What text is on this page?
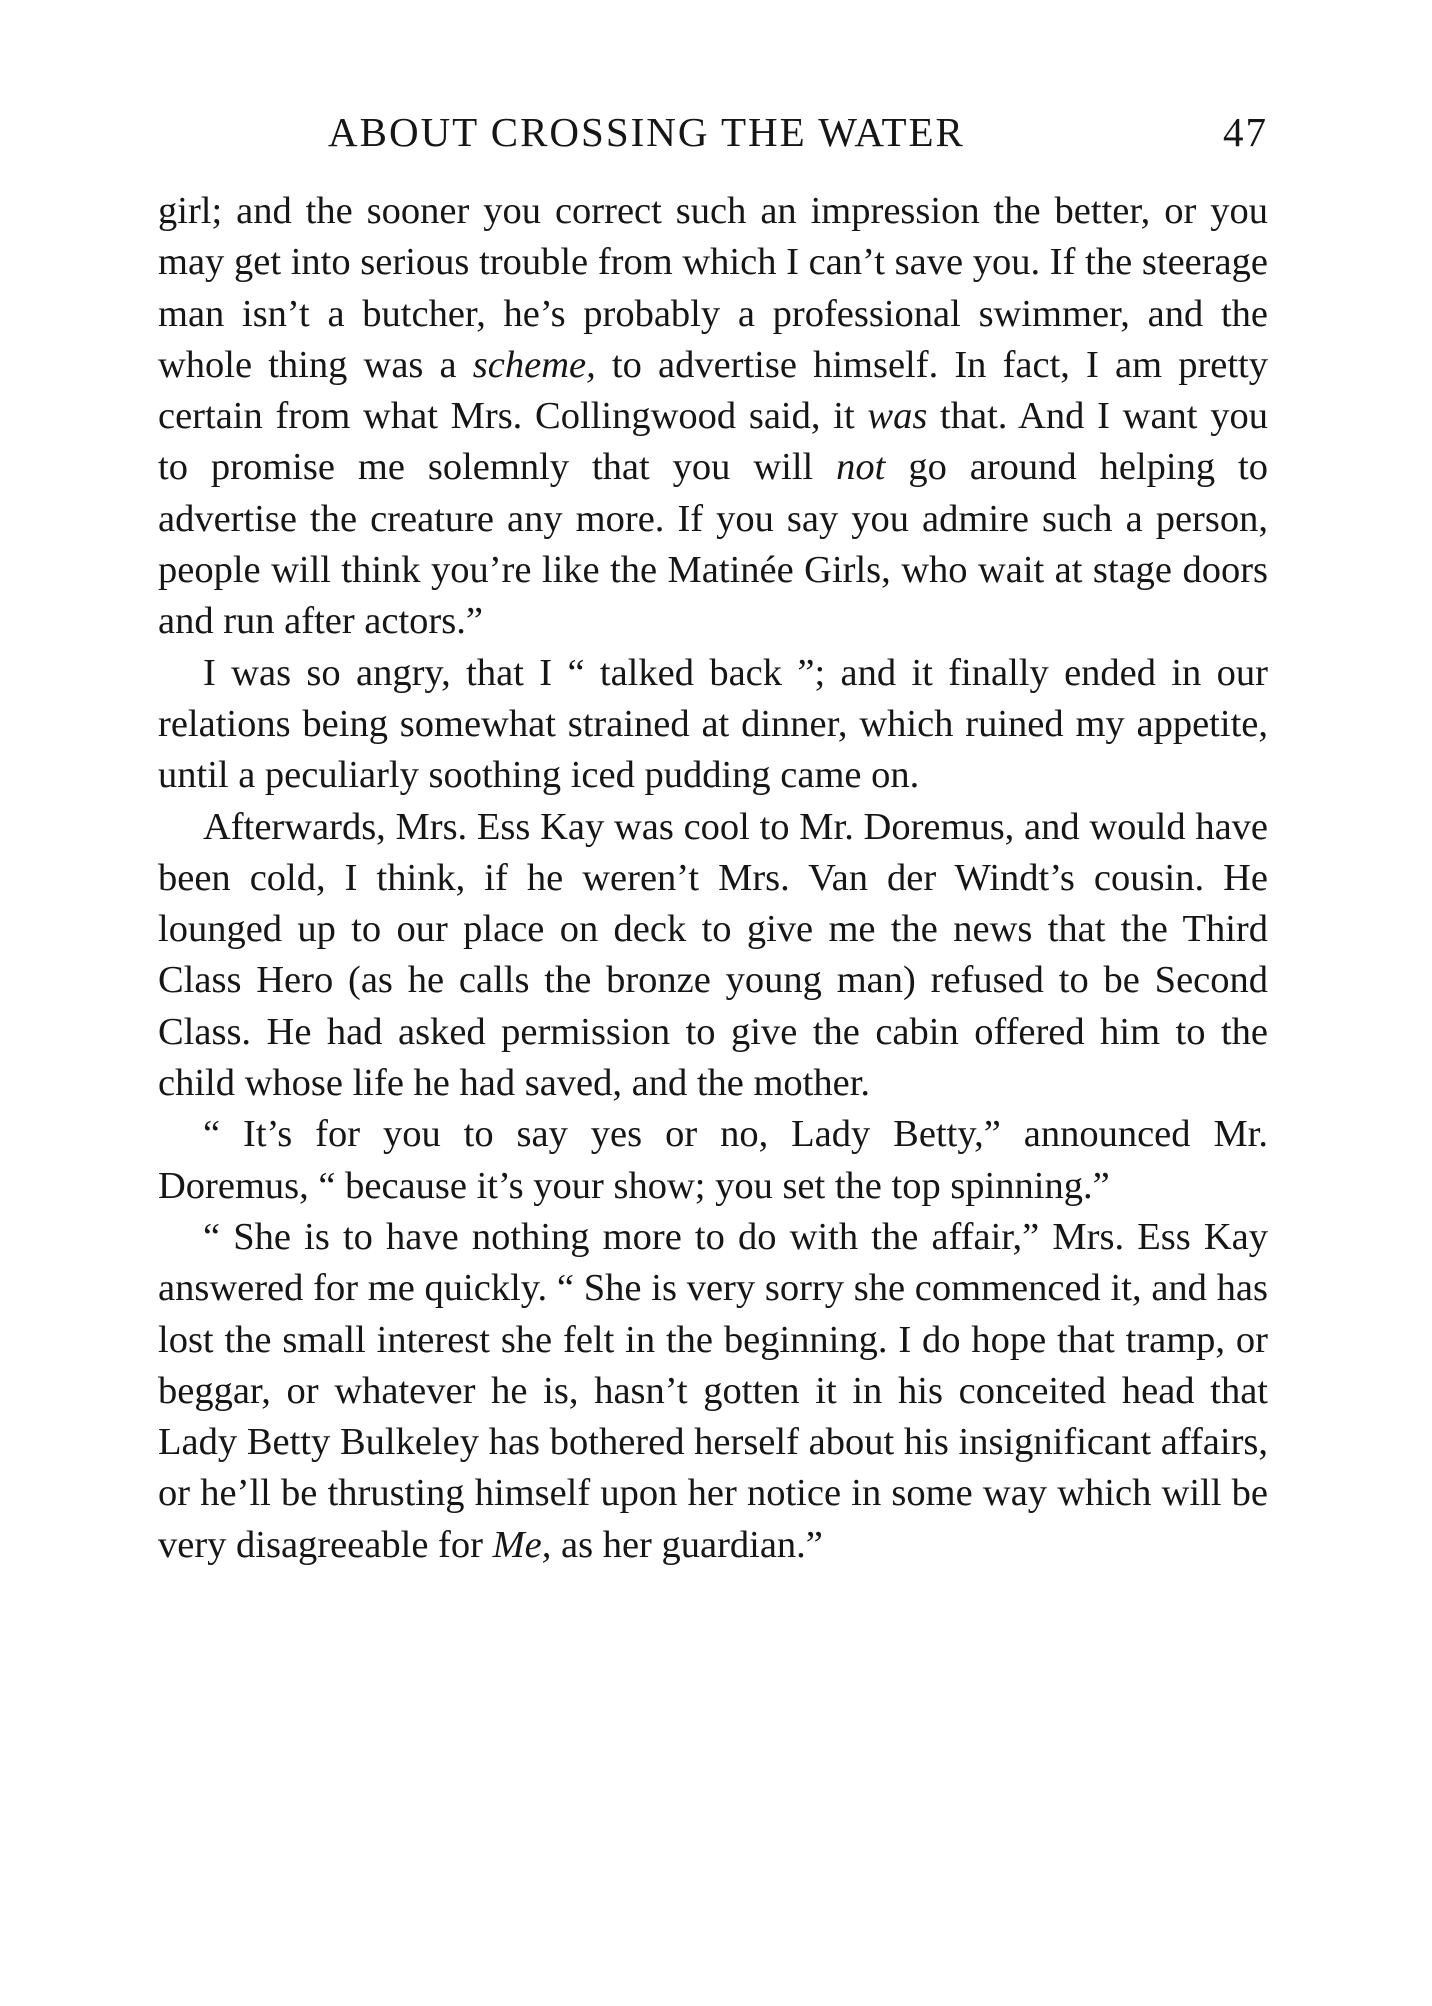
ABOUT CROSSING THE WATER	47

girl; and the sooner you correct such an impression the better, or you may get into serious trouble from which I can’t save you. If the steerage man isn’t a butcher, he’s probably a professional swimmer, and the whole thing was a scheme, to advertise himself. In fact, I am pretty certain from what Mrs. Collingwood said, it was that. And I want you to promise me solemnly that you will not go around helping to advertise the creature any more. If you say you admire such a person, people will think you’re like the Matinée Girls, who wait at stage doors and run after actors.”

I was so angry, that I “ talked back ”; and it finally ended in our relations being somewhat strained at dinner, which ruined my appetite, until a peculiarly soothing iced pudding came on.

Afterwards, Mrs. Ess Kay was cool to Mr. Doremus, and would have been cold, I think, if he weren’t Mrs. Van der Windt’s cousin. He lounged up to our place on deck to give me the news that the Third Class Hero (as he calls the bronze young man) refused to be Second Class. He had asked permission to give the cabin offered him to the child whose life he had saved, and the mother.

“ It’s for you to say yes or no, Lady Betty,” announced Mr. Doremus, “ because it’s your show; you set the top spinning.”

“ She is to have nothing more to do with the affair,” Mrs. Ess Kay answered for me quickly. “ She is very sorry she commenced it, and has lost the small interest she felt in the beginning. I do hope that tramp, or beggar, or whatever he is, hasn’t gotten it in his conceited head that Lady Betty Bulkeley has bothered herself about his insignificant affairs, or he’ll be thrusting himself upon her notice in some way which will be very disagreeable for Me, as her guardian.”
